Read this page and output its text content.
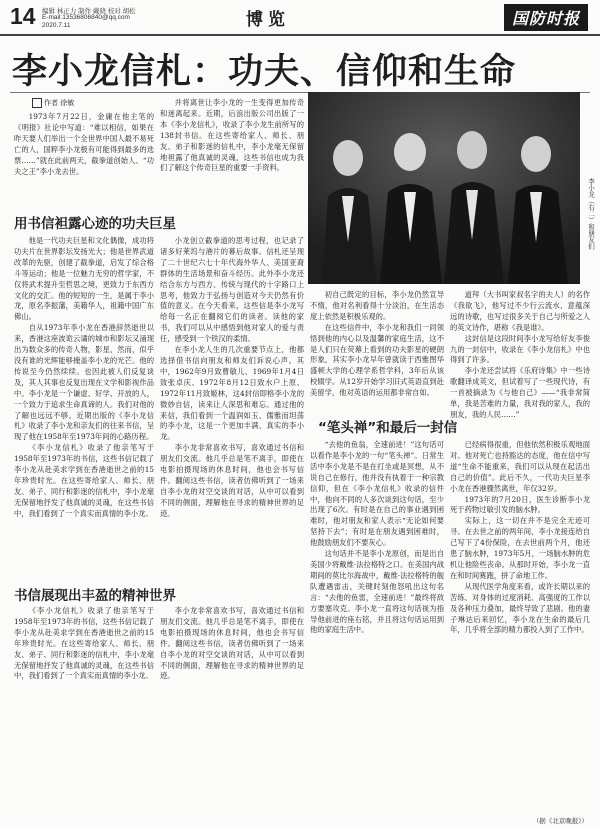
14 编辑 林正力 制作 戴晓 校对 胡松
E-mail:13536806840@qq.com
2020.7.11	博览	国防时报
李小龙信札：功夫、信仰和生命
作者 徐敏

1973年7月22日，金庸在他主笔的《明报》社论中写道：“难以相信，如果在昨天要人们举出一个全世界中国人最不易死亡的人，国粹李小龙极有可能得到最多的选票……”就在此前两天，截拳道创始人、“功夫之王”李小龙去世。

用书信袒露心迹的功夫巨星

他是一代功夫巨星和文化偶像，成功将功夫片在世界影坛发扬光大；他是世界武道改革的先驱，创建了截拳道，启发了综合格斗等运动；他是一位魅力无穷的哲学家，不仅将武术提升至哲思之境，更致力于东西方文化的交汇。他的短短的一生，是属于李小龙，原名李振藩，美籍华人，祖籍中国广东佛山。

自从1973年李小龙在香港辞然逝世以来，香港这座波诡云谲的城市和影坛又涌现出为数众多的传奇人物，影星、然而，似乎没有谁的光辉能够掩盖李小龙的光芒。他的传说至今仍然续续。也因此被人们反复谈及，其人其事也反复出现在文学和影视作品中。李小龙是一个谦虚、好学、开放的人，一个致力于追求生命真谛的人。我们对他的了解也远远不够。近期出版的《李小龙信札》收录了李小龙和亲友们的往来书信，呈现了他在1958年至1973年间的心路历程。

《李小龙信札》收录了他亲笔写于1958年至1973年的书信，这些书信记载了李小龙从赴美求学到在香港逝世之前的15年珍贵时光。在这些寄给家人、师长、朋友、弟子、同行和影迷的信札中，李小龙毫无保留地抒发了他真诚的灵魂，在这些书信中，我们看到了一个真实而真情的李小龙。

并将离世让李小龙的一生变得更加传奇和迷离起来。近期，后浪出版公司出版了一本《李小龙信札》，收录了李小龙生前所写的138封书信。在这些寄给家人、师长、朋友、弟子和影迷的信札中，李小龙毫无保留地袒露了他真诚的灵魂，这些书信也成为我们了解这个传奇巨星的重要一手资料。

小龙创立截拳道的思考过程，也记录了诸多好莱坞与港片的幕后故事。信札还呈现了二十世纪六七十年代海外华人、美国亚裔群体的生活场景和奋斗经历。此外李小龙还结合东方与西方、传统与现代的十字路口上思考，他致力于弘扬与创造对今天仍然有价值的意义。在今天看来，这些信是李小龙写给每一名正在翻阅它们的读者。读他的家书，我们可以从中感悟到他对家人的爱与责任，感受到一个铁汉的柔情。

在李小龙人生的几次重要节点上，他都选择借书信向朋友和师友们诉说心声。其中，1962年9月致曹敏儿、1969年1月4日致张卓庆、1972年8月12日致水户上原、1972年11月致姬林，这4封信即格李小龙的微妙自信，读来让人深思和难忘。通过他的来信，我们看到一个温润如玉、儒雅而坦荡的李小龙，这是一个更加丰满、真实的李小龙。

李小龙非常喜欢书写，喜欢通过书信和朋友们交流。他几乎总是笔不离手，即使在电影拍摄现场的休息时间，他也会书写信件。翻阅这些书信，读者仿佛听到了一场来自李小龙的对空交谈的对话，从中可以看到不同的侧面，理解他在寻求的精神世界的足迹。

书信展现出丰盈的精神世界

《李小龙信札》收录了他亲笔写于1958年至1973年的书信，这些书信记载了李小龙从赴美求学到在香港逝世之前的15年珍贵时光。在这些寄给家人、师长、朋友、弟子、同行和影迷的信札中，李小龙毫无保留地抒发了他真诚的灵魂，在这些书信中，我们看到了一个真实而真情的李小龙。

李小龙非常喜欢书写，喜欢通过书信和朋友们交流。他几乎总是笔不离手，即使在电影拍摄现场的休息时间，他也会书写信件。翻阅这些书信，读者仿佛听到了一场来自李小龙的对空交谈的对话，从中可以看到不同的侧面，理解他在寻求的精神世界的足迹。

李小龙（右二）和朋友们

初自己既定的目标，李小龙仍然宣导不惰，他对名利看得十分淡泊，在生活态度上依然是积极乐观的。

在这些信件中，李小龙和我们一同领悟到他的内心以及温馨的家庭生活，这不是人们只在荧幕上看到的功夫影星的硬朗形象，其实李小龙早年曾就读于西雅图华盛顿大学的心理学系哲学科，3年后从该校辍学。从12岁开始学习旧式英语直到赴美留学，他对英语的运用都非常自如。

道拜（大书叫家叔名字的夫人）的名作《我欲飞》，他写过不少行云流水、意蕴深远的诗歌，也写过很多关于自己与所爱之人的英文诗作，堪称《我是谁》。

这封信是这段时间李小龙写给好友李俊九的一封信中，收录在《李小龙信札》中也得到了许多。

李小龙还尝试将《乐府诗集》中一些诗歌翻译成英文，但试着写了一些现代诗，有一首被摘录为《与他自己》——“我非常简单，我是苦难的力量，我对我的家人，我的朋友，我的人民……”

“笔头禅”和最后一封信

“去他的鱼翁，全速前进！”这句话可以看作是李小龙的一句“笔头禅”。日常生活中李小龙是不是在打坐或是冥想，从不说自己在修行，他并没有执着于一种宗教信仰，但在《李小龙信札》收录的信件中，他向不同的人多次谈到这句话，至少出现了6次。有时是在自己的事业遇到困难时，他对朋友和家人表示“无论如何要坚持下去”；有时是在朋友遇到困难时，他鼓励朋友们不要灰心。

这句话并不是李小龙原创，而是出自美国少将戴维·法拉格特之口。在美国内战期间的莫比尔海战中，戴维·法拉格特的舰队遭遇雷击，关键时刻他怒吼出这句名言：“去他的鱼雷，全速前进！”最终将敌方要塞攻克。李小龙一直将这句话视为指导他前进的座右铭，并且将这句话运用到他的家庭生活中。

已经病得很重，但他依然积极乐观地面对。他对死亡也持豁达的态度，他在信中写道“生命不能重来，我们可以从现在起活出自己的价值”。此后不久，一代功夫巨星李小龙在香港骤然离世，年仅32岁。

1973年的7月20日，医生诊断李小龙死于药物过敏引发的脑水肿。

实际上，这一切在并不是完全无迹可寻。在去世之前的两年间，李小龙接连给自己写下了4份保险，在去世前两个月，他还患了脑水肿，1973年5月，一场脑水肿的危机让他险些丧命。从那时开始，李小龙一直在和时间赛跑，拼了命地工作。

从现代医学角度来看，或许长期以来的苦练、对身体的过度消耗、高强度的工作以及各种压力叠加，最终导致了悲剧。他的妻子琳达后来回忆，李小龙在生命的最后几年，几乎将全部的精力都投入到了工作中。

（据《北京晚报》）
